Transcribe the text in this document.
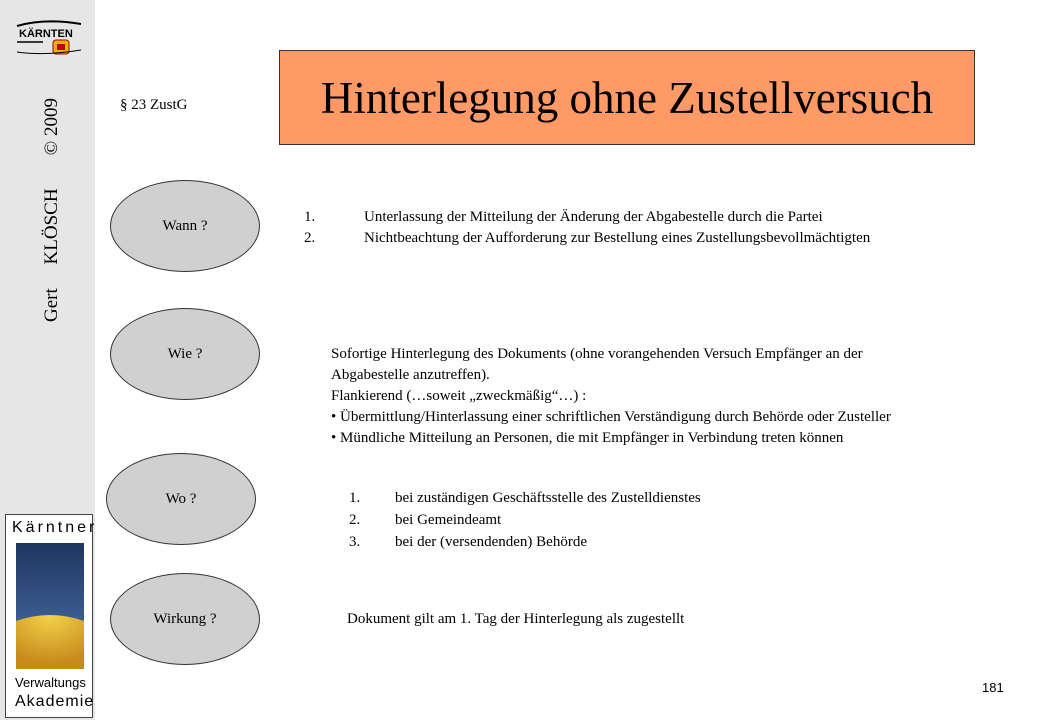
KÄRNTEN
Gert     KLÖSCH       © 2009
Kärntner
Verwaltungs
Akademie
§ 23 ZustG	Hinterlegung ohne Zustellversuch
Wann ?
Wie ?
Wo ?
Wirkung ?
1.	Unterlassung der Mitteilung der Änderung der Abgabestelle durch die Partei
2.	Nichtbeachtung der Aufforderung zur Bestellung eines Zustellungsbevollmächtigten
Sofortige Hinterlegung des Dokuments (ohne vorangehenden Versuch Empfänger an der
Abgabestelle anzutreffen).
Flankierend (…soweit „zweckmäßig“…) :
• Übermittlung/Hinterlassung einer schriftlichen Verständigung durch Behörde oder Zusteller
• Mündliche Mitteilung an Personen, die mit Empfänger in Verbindung treten können
1.	bei zuständigen Geschäftsstelle des Zustelldienstes
2.	bei Gemeindeamt
3.	bei der (versendenden) Behörde
Dokument gilt am 1. Tag der Hinterlegung als zugestellt
181
